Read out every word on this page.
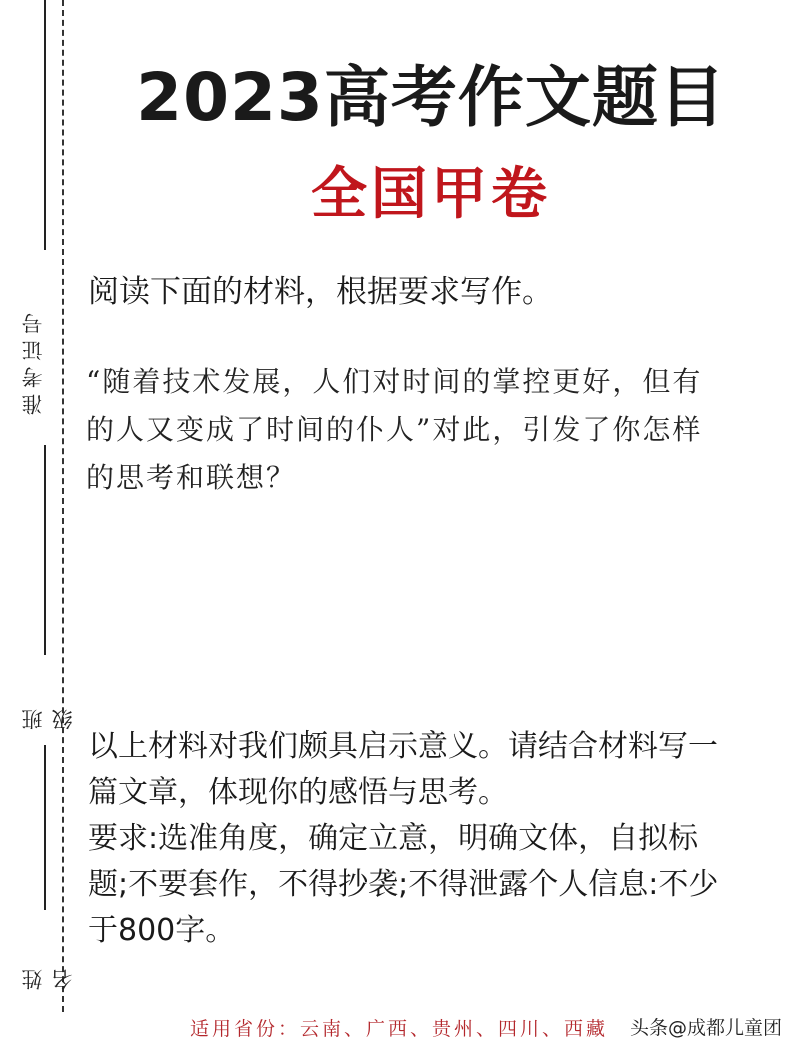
准考证号
班级
姓名
2023高考作文题目
全国甲卷
阅读下面的材料，根据要求写作。

“随着技术发展，人们对时间的掌控更好，但有

的人又变成了时间的仆人”对此，引发了你怎样

的思考和联想？

以上材料对我们颇具启示意义。请结合材料写一

篇文章，体现你的感悟与思考。

要求:选准角度，确定立意，明确文体，自拟标

题;不要套作，不得抄袭;不得泄露个人信息:不少

于800字。

适用省份：云南、广西、贵州、四川、西藏 头条@成都儿童团
